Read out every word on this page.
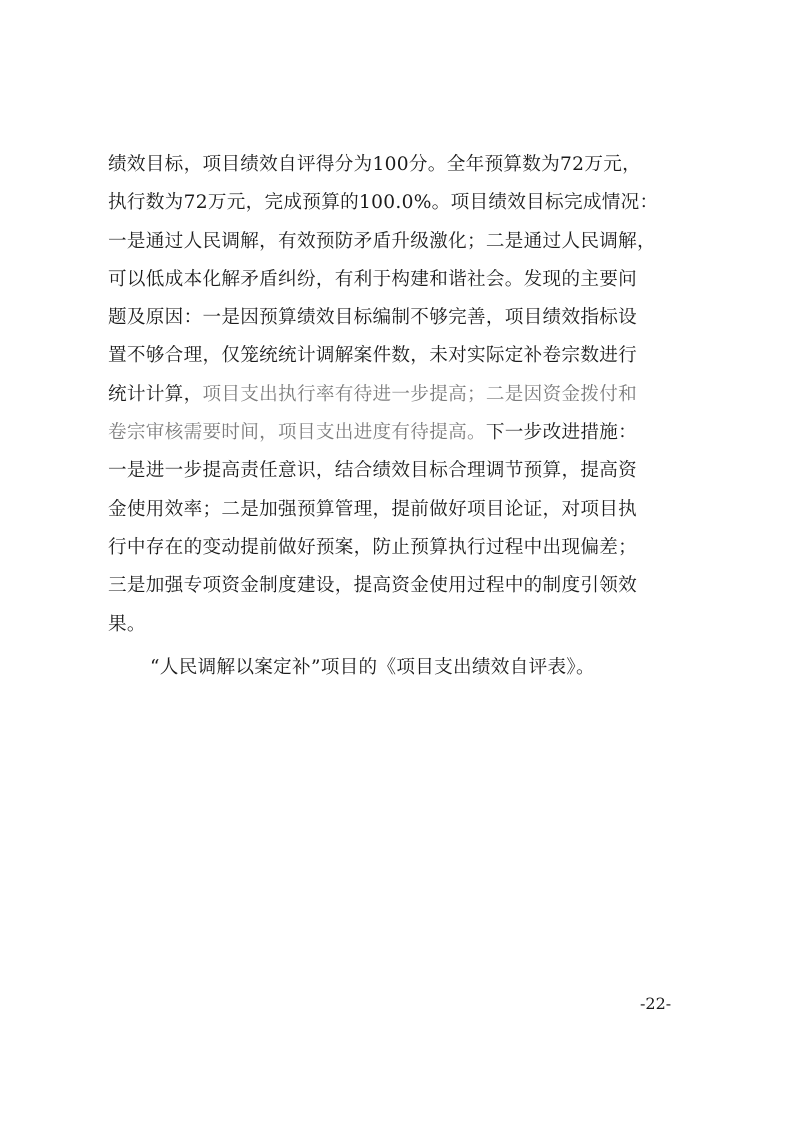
绩效目标，项目绩效自评得分为100分。全年预算数为72万元，
执行数为72万元，完成预算的100.0%。项目绩效目标完成情况：
一是通过人民调解，有效预防矛盾升级激化；二是通过人民调解，
可以低成本化解矛盾纠纷，有利于构建和谐社会。发现的主要问
题及原因：一是因预算绩效目标编制不够完善，项目绩效指标设
置不够合理，仅笼统统计调解案件数，未对实际定补卷宗数进行
统计计算，项目支出执行率有待进一步提高；二是因资金拨付和
卷宗审核需要时间，项目支出进度有待提高。下一步改进措施：
一是进一步提高责任意识，结合绩效目标合理调节预算，提高资
金使用效率；二是加强预算管理，提前做好项目论证，对项目执
行中存在的变动提前做好预案，防止预算执行过程中出现偏差；
三是加强专项资金制度建设，提高资金使用过程中的制度引领效
果。
“人民调解以案定补”项目的《项目支出绩效自评表》。
-22-
